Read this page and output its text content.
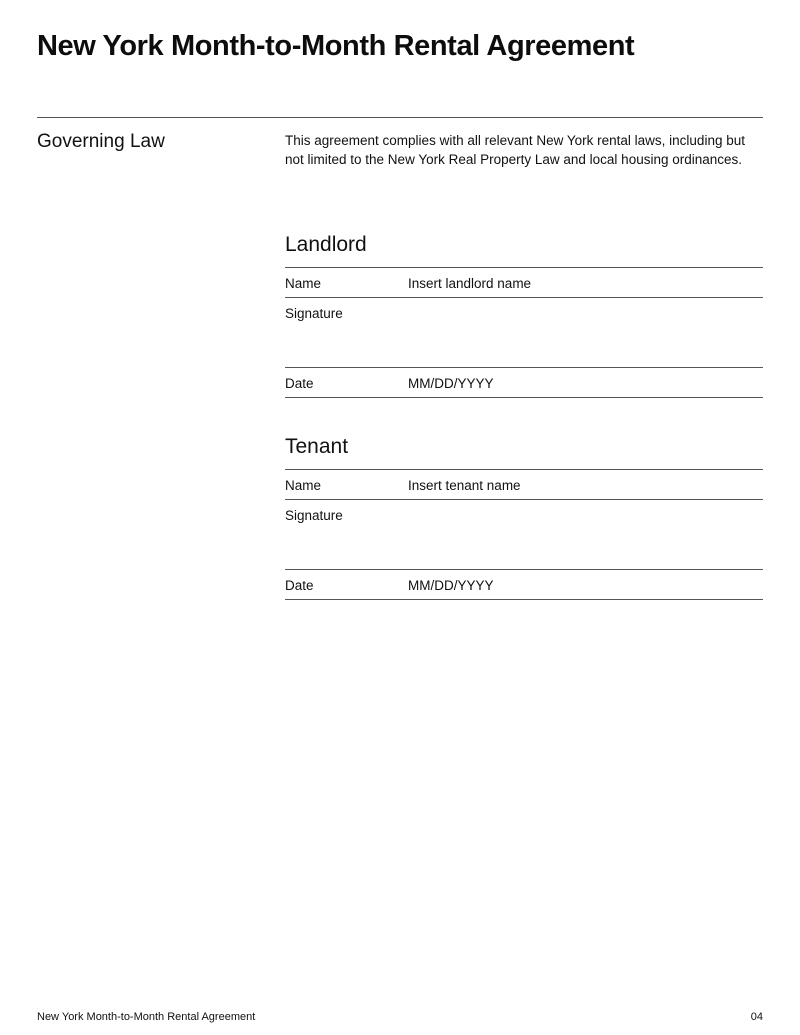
New York Month-to-Month Rental Agreement
Governing Law	This agreement complies with all relevant New York rental laws, including but not limited to the New York Real Property Law and local housing ordinances.

Landlord
Name	Insert landlord name
Signature
Date	MM/DD/YYYY
Tenant
Name	Insert tenant name
Signature
Date	MM/DD/YYYY
New York Month-to-Month Rental Agreement	04
